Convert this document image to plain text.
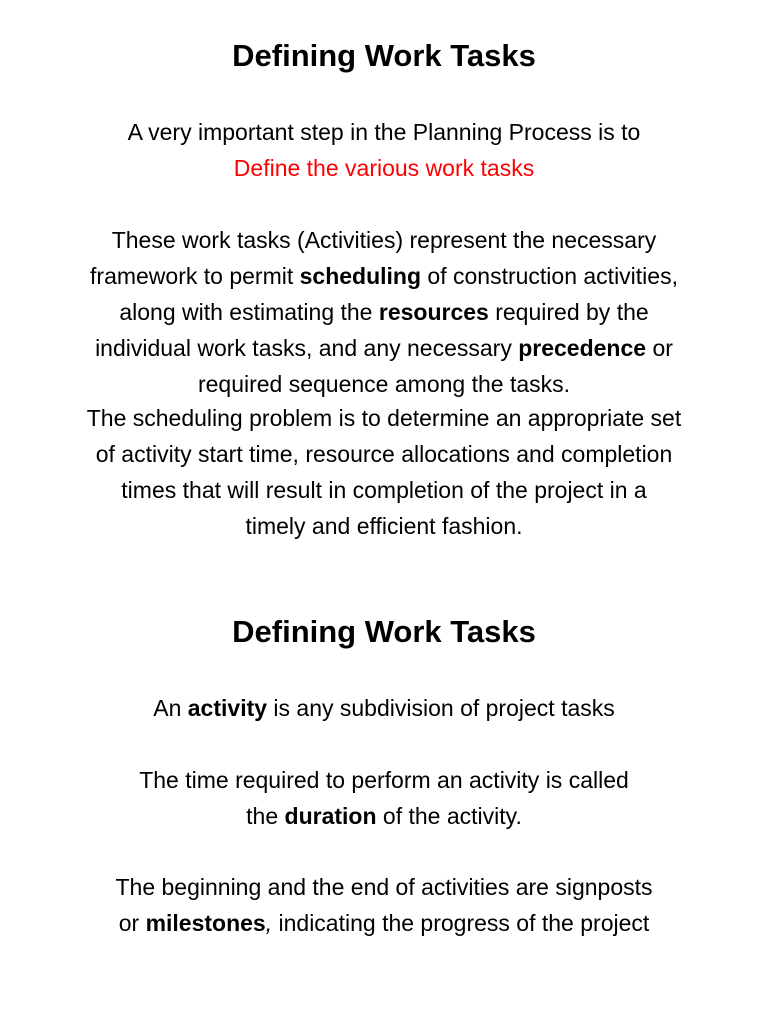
Defining Work Tasks
A very important step in the Planning Process is to
Define the various work tasks
These work tasks (Activities) represent the necessary
framework to permit scheduling of construction activities,
along with estimating the resources required by the
individual work tasks, and any necessary precedence or
required sequence among the tasks.
The scheduling problem is to determine an appropriate set
of activity start time, resource allocations and completion
times that will result in completion of the project in a
timely and efficient fashion.
Defining Work Tasks
An activity is any subdivision of project tasks
The time required to perform an activity is called
the duration of the activity.
The beginning and the end of activities are signposts
or milestones, indicating the progress of the project
